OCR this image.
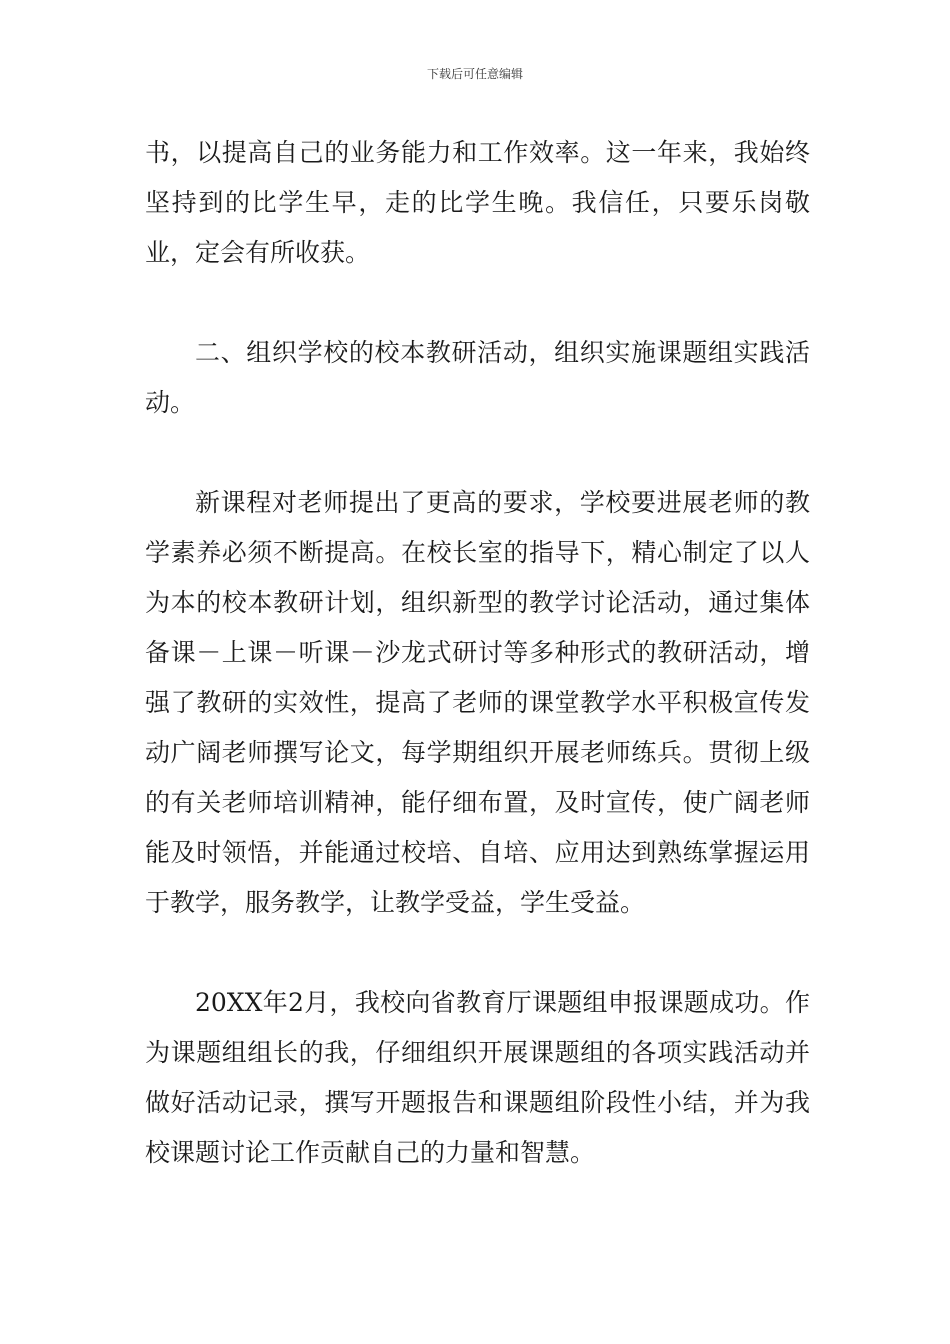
下载后可任意编辑

书，以提高自己的业务能力和工作效率。这一年来，我始终坚持到的比学生早，走的比学生晚。我信任，只要乐岗敬业，定会有所收获。

二、组织学校的校本教研活动，组织实施课题组实践活动。

新课程对老师提出了更高的要求，学校要进展老师的教学素养必须不断提高。在校长室的指导下，精心制定了以人为本的校本教研计划，组织新型的教学讨论活动，通过集体备课－上课－听课－沙龙式研讨等多种形式的教研活动，增强了教研的实效性，提高了老师的课堂教学水平积极宣传发动广阔老师撰写论文，每学期组织开展老师练兵。贯彻上级的有关老师培训精神，能仔细布置，及时宣传，使广阔老师能及时领悟，并能通过校培、自培、应用达到熟练掌握运用于教学，服务教学，让教学受益，学生受益。

20XX年2月，我校向省教育厅课题组申报课题成功。作为课题组组长的我，仔细组织开展课题组的各项实践活动并做好活动记录，撰写开题报告和课题组阶段性小结，并为我校课题讨论工作贡献自己的力量和智慧。
